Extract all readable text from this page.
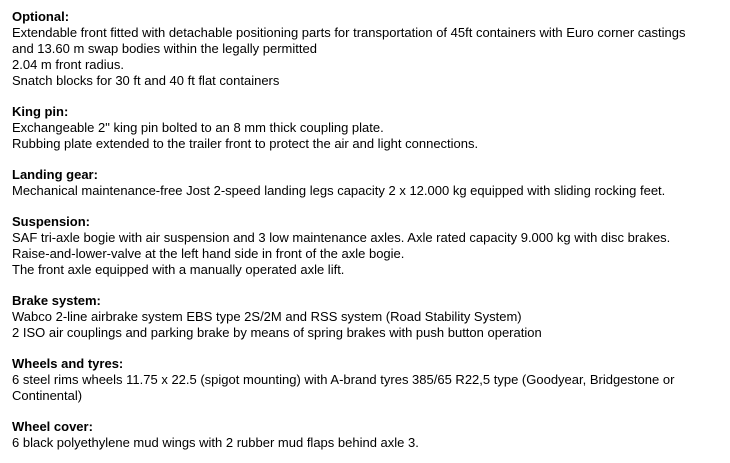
Optional:
Extendable front fitted with detachable positioning parts for transportation of 45ft containers with Euro corner castings
and 13.60 m swap bodies within the legally permitted
2.04 m front radius.
Snatch blocks for 30 ft and 40 ft flat containers
King pin:
Exchangeable 2" king pin bolted to an 8 mm thick coupling plate.
Rubbing plate extended to the trailer front to protect the air and light connections.
Landing gear:
Mechanical maintenance-free Jost 2-speed landing legs capacity 2 x 12.000 kg equipped with sliding rocking feet.
Suspension:
SAF tri-axle bogie with air suspension and 3 low maintenance axles. Axle rated capacity 9.000 kg with disc brakes.
Raise-and-lower-valve at the left hand side in front of the axle bogie.
The front axle equipped with a manually operated axle lift.
Brake system:
Wabco 2-line airbrake system EBS type 2S/2M and RSS system (Road Stability System)
2 ISO air couplings and parking brake by means of spring brakes with push button operation
Wheels and tyres:
6 steel rims wheels 11.75 x 22.5 (spigot mounting) with A-brand tyres 385/65 R22,5 type (Goodyear, Bridgestone or
Continental)
Wheel cover:
6 black polyethylene mud wings with 2 rubber mud flaps behind axle 3.
